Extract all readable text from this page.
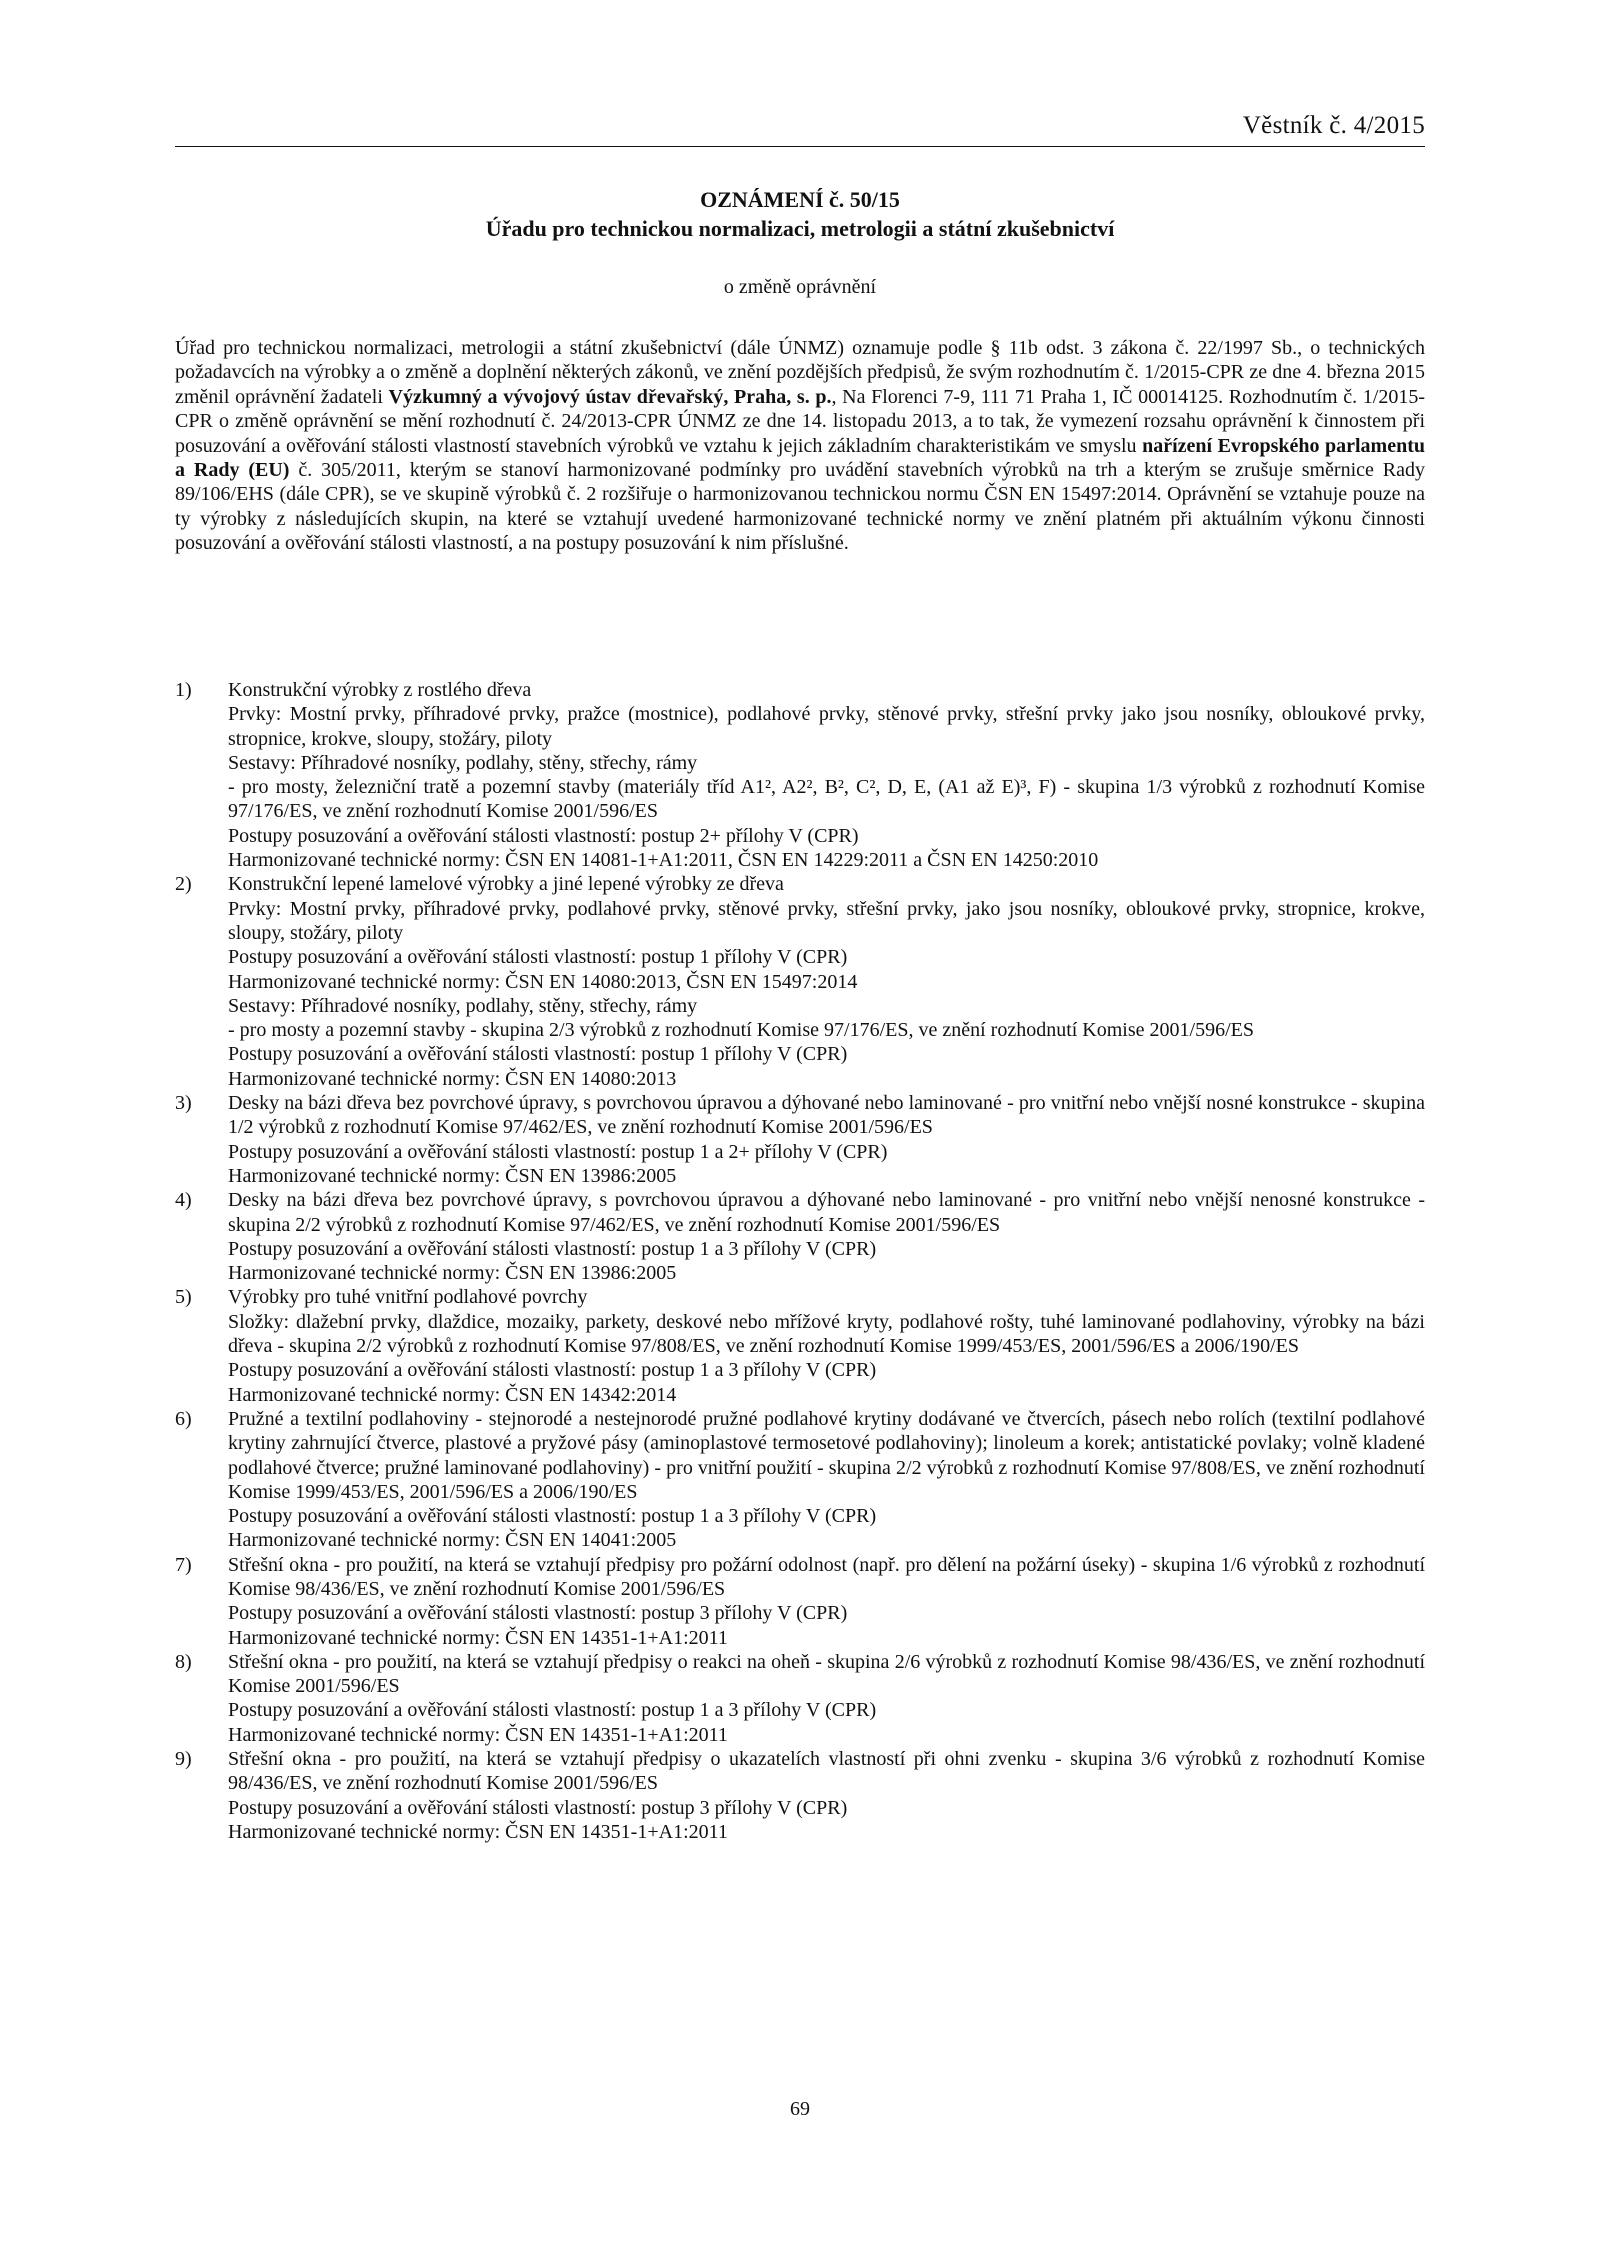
Věstník č. 4/2015
OZNÁMENÍ č. 50/15
Úřadu pro technickou normalizaci, metrologii a státní zkušebnictví
o změně oprávnění
Úřad pro technickou normalizaci, metrologii a státní zkušebnictví (dále ÚNMZ) oznamuje podle § 11b odst. 3 zákona č. 22/1997 Sb., o technických požadavcích na výrobky a o změně a doplnění některých zákonů, ve znění pozdějších předpisů, že svým rozhodnutím č. 1/2015-CPR ze dne 4. března 2015 změnil oprávnění žadateli Výzkumný a vývojový ústav dřevařský, Praha, s. p., Na Florenci 7-9, 111 71 Praha 1, IČ 00014125. Rozhodnutím č. 1/2015-CPR o změně oprávnění se mění rozhodnutí č. 24/2013-CPR ÚNMZ ze dne 14. listopadu 2013, a to tak, že vymezení rozsahu oprávnění k činnostem při posuzování a ověřování stálosti vlastností stavebních výrobků ve vztahu k jejich základním charakteristikám ve smyslu nařízení Evropského parlamentu a Rady (EU) č. 305/2011, kterým se stanoví harmonizované podmínky pro uvádění stavebních výrobků na trh a kterým se zrušuje směrnice Rady 89/106/EHS (dále CPR), se ve skupině výrobků č. 2 rozšiřuje o harmonizovanou technickou normu ČSN EN 15497:2014. Oprávnění se vztahuje pouze na ty výrobky z následujících skupin, na které se vztahují uvedené harmonizované technické normy ve znění platném při aktuálním výkonu činnosti posuzování a ověřování stálosti vlastností, a na postupy posuzování k nim příslušné.
1)	Konstrukční výrobky z rostlého dřeva
Prvky: Mostní prvky, příhradové prvky, pražce (mostnice), podlahové prvky, stěnové prvky, střešní prvky jako jsou nosníky, obloukové prvky, stropnice, krokve, sloupy, stožáry, piloty
Sestavy: Příhradové nosníky, podlahy, stěny, střechy, rámy
- pro mosty, železniční tratě a pozemní stavby (materiály tříd A1², A2², B², C², D, E, (A1 až E)³, F) - skupina 1/3 výrobků z rozhodnutí Komise 97/176/ES, ve znění rozhodnutí Komise 2001/596/ES
Postupy posuzování a ověřování stálosti vlastností: postup 2+ přílohy V (CPR)
Harmonizované technické normy: ČSN EN 14081-1+A1:2011, ČSN EN 14229:2011 a ČSN EN 14250:2010
2)	Konstrukční lepené lamelové výrobky a jiné lepené výrobky ze dřeva
Prvky: Mostní prvky, příhradové prvky, podlahové prvky, stěnové prvky, střešní prvky, jako jsou nosníky, obloukové prvky, stropnice, krokve, sloupy, stožáry, piloty
Postupy posuzování a ověřování stálosti vlastností: postup 1 přílohy V (CPR)
Harmonizované technické normy: ČSN EN 14080:2013, ČSN EN 15497:2014
Sestavy: Příhradové nosníky, podlahy, stěny, střechy, rámy
- pro mosty a pozemní stavby - skupina 2/3 výrobků z rozhodnutí Komise 97/176/ES, ve znění rozhodnutí Komise 2001/596/ES
Postupy posuzování a ověřování stálosti vlastností: postup 1 přílohy V (CPR)
Harmonizované technické normy: ČSN EN 14080:2013
3)	Desky na bázi dřeva bez povrchové úpravy, s povrchovou úpravou a dýhované nebo laminované - pro vnitřní nebo vnější nosné konstrukce - skupina 1/2 výrobků z rozhodnutí Komise 97/462/ES, ve znění rozhodnutí Komise 2001/596/ES
Postupy posuzování a ověřování stálosti vlastností: postup 1 a 2+ přílohy V (CPR)
Harmonizované technické normy: ČSN EN 13986:2005
4)	Desky na bázi dřeva bez povrchové úpravy, s povrchovou úpravou a dýhované nebo laminované - pro vnitřní nebo vnější nenosné konstrukce - skupina 2/2 výrobků z rozhodnutí Komise 97/462/ES, ve znění rozhodnutí Komise 2001/596/ES
Postupy posuzování a ověřování stálosti vlastností: postup 1 a 3 přílohy V (CPR)
Harmonizované technické normy: ČSN EN 13986:2005
5)	Výrobky pro tuhé vnitřní podlahové povrchy
Složky: dlažební prvky, dlaždice, mozaiky, parkety, deskové nebo mřížové kryty, podlahové rošty, tuhé laminované podlahoviny, výrobky na bázi dřeva - skupina 2/2 výrobků z rozhodnutí Komise 97/808/ES, ve znění rozhodnutí Komise 1999/453/ES, 2001/596/ES a 2006/190/ES
Postupy posuzování a ověřování stálosti vlastností: postup 1 a 3 přílohy V (CPR)
Harmonizované technické normy: ČSN EN 14342:2014
6)	Pružné a textilní podlahoviny - stejnorodé a nestejnorodé pružné podlahové krytiny dodávané ve čtvercích, pásech nebo rolích (textilní podlahové krytiny zahrnující čtverce, plastové a pryžové pásy (aminoplastové termosetové podlahoviny); linoleum a korek; antistatické povlaky; volně kladené podlahové čtverce; pružné laminované podlahoviny) - pro vnitřní použití - skupina 2/2 výrobků z rozhodnutí Komise 97/808/ES, ve znění rozhodnutí Komise 1999/453/ES, 2001/596/ES a 2006/190/ES
Postupy posuzování a ověřování stálosti vlastností: postup 1 a 3 přílohy V (CPR)
Harmonizované technické normy: ČSN EN 14041:2005
7)	Střešní okna - pro použití, na která se vztahují předpisy pro požární odolnost (např. pro dělení na požární úseky) - skupina 1/6 výrobků z rozhodnutí Komise 98/436/ES, ve znění rozhodnutí Komise 2001/596/ES
Postupy posuzování a ověřování stálosti vlastností: postup 3 přílohy V (CPR)
Harmonizované technické normy: ČSN EN 14351-1+A1:2011
8)	Střešní okna - pro použití, na která se vztahují předpisy o reakci na oheň - skupina 2/6 výrobků z rozhodnutí Komise 98/436/ES, ve znění rozhodnutí Komise 2001/596/ES
Postupy posuzování a ověřování stálosti vlastností: postup 1 a 3 přílohy V (CPR)
Harmonizované technické normy: ČSN EN 14351-1+A1:2011
9)	Střešní okna - pro použití, na která se vztahují předpisy o ukazatelích vlastností při ohni zvenku - skupina 3/6 výrobků z rozhodnutí Komise 98/436/ES, ve znění rozhodnutí Komise 2001/596/ES
Postupy posuzování a ověřování stálosti vlastností: postup 3 přílohy V (CPR)
Harmonizované technické normy: ČSN EN 14351-1+A1:2011
69
